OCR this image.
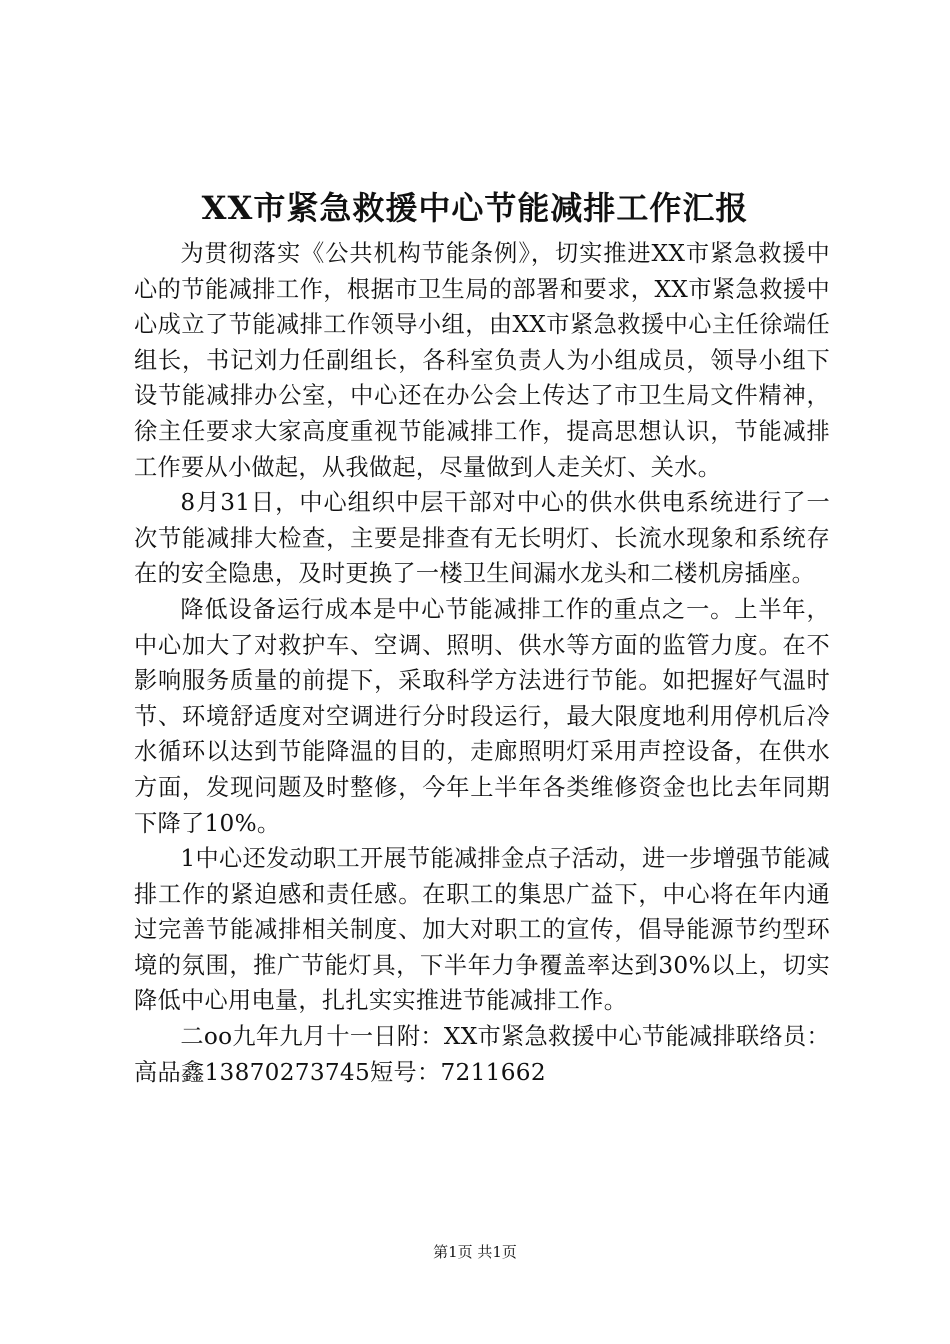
XX市紧急救援中心节能减排工作汇报

为贯彻落实《公共机构节能条例》，切实推进XX市紧急救援中心的节能减排工作，根据市卫生局的部署和要求，XX市紧急救援中心成立了节能减排工作领导小组，由XX市紧急救援中心主任徐端任组长，书记刘力任副组长，各科室负责人为小组成员，领导小组下设节能减排办公室，中心还在办公会上传达了市卫生局文件精神，徐主任要求大家高度重视节能减排工作，提高思想认识，节能减排工作要从小做起，从我做起，尽量做到人走关灯、关水。

8月31日，中心组织中层干部对中心的供水供电系统进行了一次节能减排大检查，主要是排查有无长明灯、长流水现象和系统存在的安全隐患，及时更换了一楼卫生间漏水龙头和二楼机房插座。

降低设备运行成本是中心节能减排工作的重点之一。上半年，中心加大了对救护车、空调、照明、供水等方面的监管力度。在不影响服务质量的前提下，采取科学方法进行节能。如把握好气温时节、环境舒适度对空调进行分时段运行，最大限度地利用停机后冷水循环以达到节能降温的目的，走廊照明灯采用声控设备，在供水方面，发现问题及时整修，今年上半年各类维修资金也比去年同期下降了10%。

1中心还发动职工开展节能减排金点子活动，进一步增强节能减排工作的紧迫感和责任感。在职工的集思广益下，中心将在年内通过完善节能减排相关制度、加大对职工的宣传，倡导能源节约型环境的氛围，推广节能灯具，下半年力争覆盖率达到30%以上，切实降低中心用电量，扎扎实实推进节能减排工作。

二oo九年九月十一日附：XX市紧急救援中心节能减排联络员：高品鑫13870273745短号：7211662

第1页 共1页
